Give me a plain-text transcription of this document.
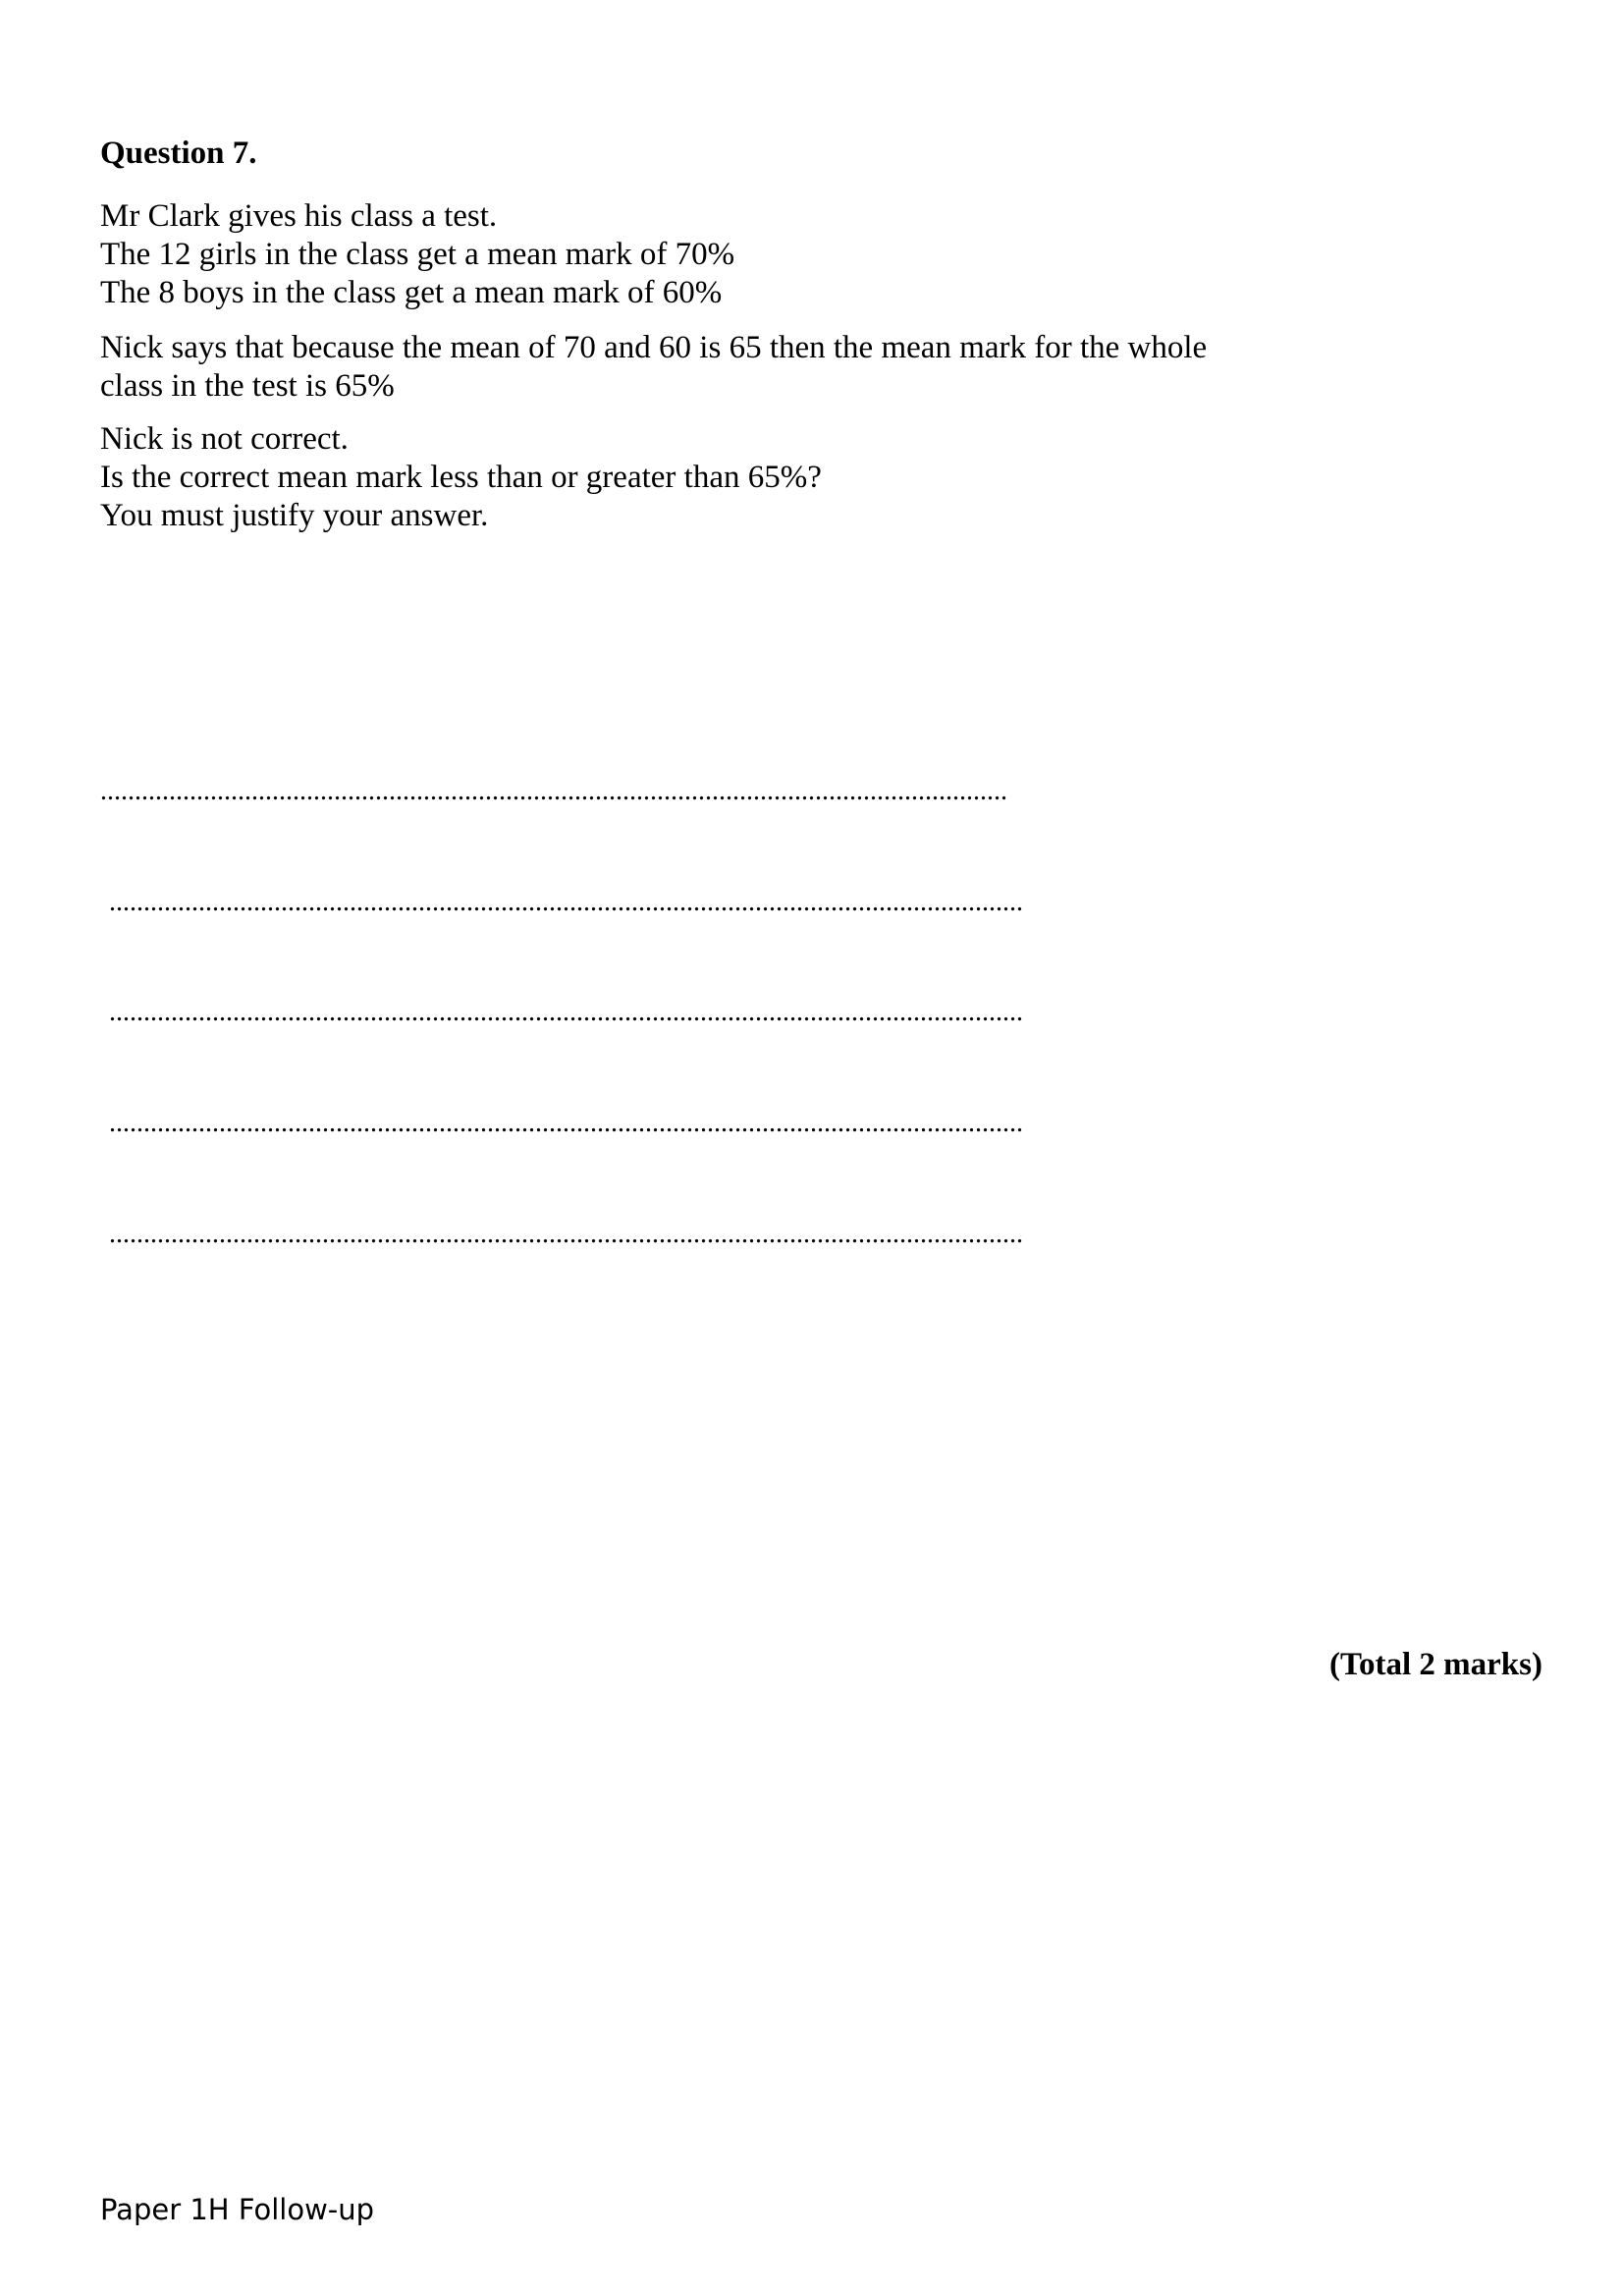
Question 7.
Mr Clark gives his class a test.
The 12 girls in the class get a mean mark of 70%
The 8 boys in the class get a mean mark of 60%
Nick says that because the mean of 70 and 60 is 65 then the mean mark for the whole
class in the test is 65%
Nick is not correct.
Is the correct mean mark less than or greater than 65%?
You must justify your answer.
....................................................................................................................................
.....................................................................................................................................
.....................................................................................................................................
.....................................................................................................................................
.....................................................................................................................................
(Total 2 marks)
Paper 1H Follow-up
